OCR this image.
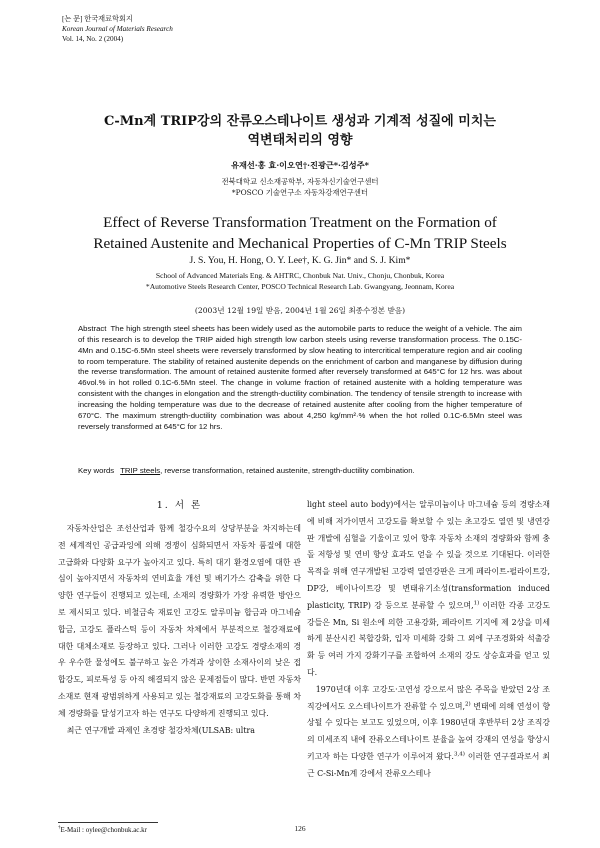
[논 문] 한국재료학회지
Korean Journal of Materials Research
Vol. 14, No. 2 (2004)
C-Mn계 TRIP강의 잔류오스테나이트 생성과 기계적 성질에 미치는
역변태처리의 영향
유재선·홍 효·이오연†·진광근*·김성주*
전북대학교 신소재공학부, 자동차신기술연구센터
*POSCO 기술연구소 자동차강재연구센터
Effect of Reverse Transformation Treatment on the Formation of
Retained Austenite and Mechanical Properties of C-Mn TRIP Steels
J. S. You, H. Hong, O. Y. Lee†, K. G. Jin* and S. J. Kim*
School of Advanced Materials Eng. & AHTRC, Chonbuk Nat. Univ., Chonju, Chonbuk, Korea
*Automotive Steels Research Center, POSCO Technical Research Lab. Gwangyang, Jeonnam, Korea
(2003년 12월 19일 받음, 2004년 1월 26일 최종수정본 받음)
Abstract The high strength steel sheets has been widely used as the automobile parts to reduce the weight of a vehicle. The aim of this research is to develop the TRIP aided high strength low carbon steels using reverse transformation process. The 0.15C-4Mn and 0.15C-6.5Mn steel sheets were reversely transformed by slow heating to intercritical temperature region and air cooling to room temperature. The stability of retained austenite depends on the enrichment of carbon and manganese by diffusion during the reverse transformation. The amount of retained austenite formed after reversely transformed at 645°C for 12 hrs. was about 46vol.% in hot rolled 0.1C-6.5Mn steel. The change in volume fraction of retained austenite with a holding temperature was consistent with the changes in elongation and the strength-ductility combination. The tendency of tensile strength to increase with increasing the holding temperature was due to the decrease of retained austenite after cooling from the higher temperature of 670°C. The maximum strength-ductility combination was about 4,250 kg/mm²·% when the hot rolled 0.1C-6.5Mn steel was reversely transformed at 645°C for 12 hrs.
Key words TRIP steels, reverse transformation, retained austenite, strength-ductility combination.
1. 서 론

자동차산업은 조선산업과 함께 철강수요의 상당부분을 차지하는데 전 세계적인 공급과잉에 의해 경쟁이 심화되면서 자동차 품질에 대한 고급화와 다양화 요구가 높아지고 있다. 특히 대기 환경오염에 대한 관심이 높아지면서 자동차의 연비효율 개선 및 배기가스 감축을 위한 다양한 연구들이 진행되고 있는데, 소재의 경량화가 가장 유력한 방안으로 제시되고 있다. 비철금속 재료인 고강도 알루미늄 합금과 마그네슘 합금, 고강도 플라스틱 등이 자동차 차체에서 부분적으로 철강재료에 대한 대체소재로 등장하고 있다. 그러나 이러한 고강도 경량소재의 경우 우수한 물성에도 불구하고 높은 가격과 상이한 소재사이의 낮은 접합강도, 피로특성 등 아직 해결되지 않은 문제점들이 많다. 반면 자동차 소재로 현재 광범위하게 사용되고 있는 철강재료의 고강도화를 통해 차체 경량화를 달성기고자 하는 연구도 다양하게 진행되고 있다.

최근 연구개발 과제인 초경량 철강차체(ULSAB: ultra

light steel auto body)에서는 알루미늄이나 마그네슘 등의 경량소재에 비해 저가이면서 고강도를 확보할 수 있는 초고강도 열연 및 냉연강판 개발에 심혈을 기울이고 있어 향후 자동차 소재의 경량화와 함께 충돌 저항성 및 연비 향상 효과도 얻을 수 있을 것으로 기대된다. 이러한 목적을 위해 연구개발된 고강력 열연강판은 크게 페라이트-펄라이트강, DP강, 베이나이트강 및 변태유기소성(transformation induced plasticity, TRIP) 강 등으로 분류할 수 있으며,$^{1)}$ 이러한 각종 고강도 강들은 Mn, Si 원소에 의한 고용강화, 페라이트 기지에 제 2상을 미세하게 분산시킨 복합강화, 입자 미세화 강화 그 외에 구조경화와 석출강화 등 여러 가지 강화기구를 조합하여 소재의 강도 상승효과를 얻고 있다.

1970년대 이후 고강도·고연성 강으로서 많은 주목을 받았던 2상 조직강에서도 오스테나이트가 잔류할 수 있으며,$^{2)}$ 변태에 의해 연성이 향상될 수 있다는 보고도 있었으며, 이후 1980년대 후반부터 2상 조직강의 미세조직 내에 잔류오스테나이트 분율을 높여 강재의 연성을 향상시키고자 하는 다양한 연구가 이루어져 왔다.$^{3,4)}$ 이러한 연구결과로서 최근 C-Si-Mn계 강에서 잔류오스테나

†E-Mail : oylee@chonbuk.ac.kr	126
